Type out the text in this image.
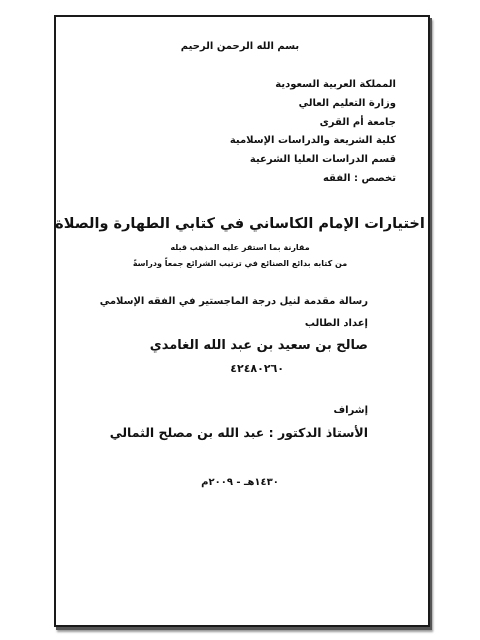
بسم الله الرحمن الرحيم
المملكة العربية السعودية
وزارة التعليم العالي
جامعة أم القرى
كلية الشريعة والدراسات الإسلامية
قسم الدراسات العليا الشرعية
تخصص : الفقه
اختيارات الإمام الكاساني في كتابي الطهارة والصلاة
مقارنة بما استقر عليه المذهب قبله
من كتابه بدائع الصنائع في ترتيب الشرائع جمعاً ودراسةً
رسالة مقدمة لنيل درجة الماجستير في الفقه الإسلامي
إعداد الطالب
صالح بن سعيد بن عبد الله الغامدي
٤٢٤٨٠٢٦٠
إشراف
الأستاذ الدكتور : عبد الله بن مصلح الثمالي
١٤٣٠هـ - ٢٠٠٩م
